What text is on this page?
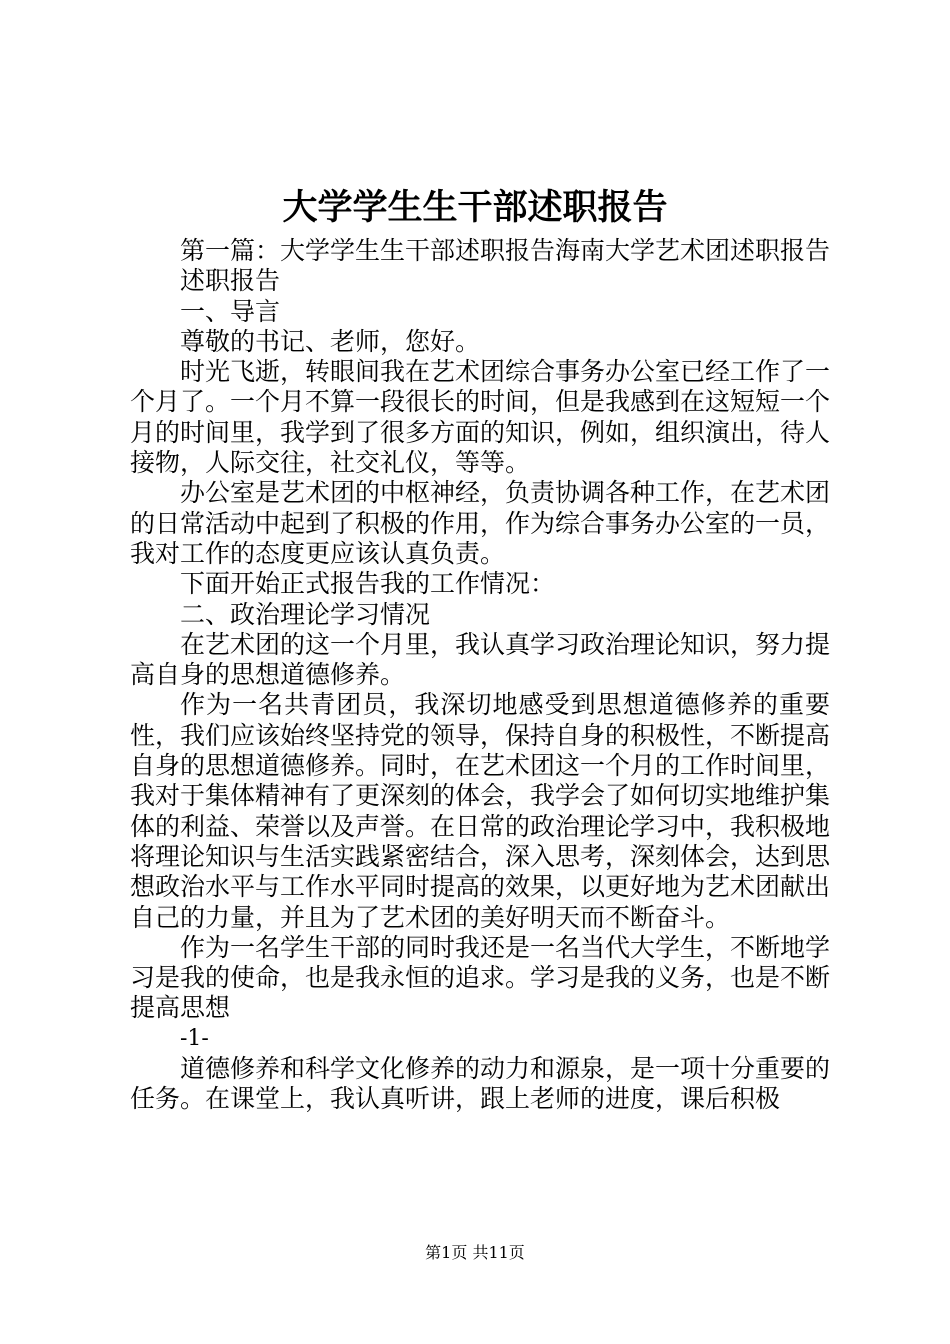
大学学生生干部述职报告

第一篇：大学学生生干部述职报告海南大学艺术团述职报告

述职报告

一、导言

尊敬的书记、老师，您好。

时光飞逝，转眼间我在艺术团综合事务办公室已经工作了一个月了。一个月不算一段很长的时间，但是我感到在这短短一个月的时间里，我学到了很多方面的知识，例如，组织演出，待人接物，人际交往，社交礼仪，等等。

办公室是艺术团的中枢神经，负责协调各种工作，在艺术团的日常活动中起到了积极的作用，作为综合事务办公室的一员，我对工作的态度更应该认真负责。

下面开始正式报告我的工作情况：

二、政治理论学习情况

在艺术团的这一个月里，我认真学习政治理论知识，努力提高自身的思想道德修养。

作为一名共青团员，我深切地感受到思想道德修养的重要性，我们应该始终坚持党的领导，保持自身的积极性，不断提高自身的思想道德修养。同时，在艺术团这一个月的工作时间里，我对于集体精神有了更深刻的体会，我学会了如何切实地维护集体的利益、荣誉以及声誉。在日常的政治理论学习中，我积极地将理论知识与生活实践紧密结合，深入思考，深刻体会，达到思想政治水平与工作水平同时提高的效果，以更好地为艺术团献出自己的力量，并且为了艺术团的美好明天而不断奋斗。

作为一名学生干部的同时我还是一名当代大学生，不断地学习是我的使命，也是我永恒的追求。学习是我的义务，也是不断提高思想

-1-

道德修养和科学文化修养的动力和源泉，是一项十分重要的任务。在课堂上，我认真听讲，跟上老师的进度，课后积极

第1页 共11页
